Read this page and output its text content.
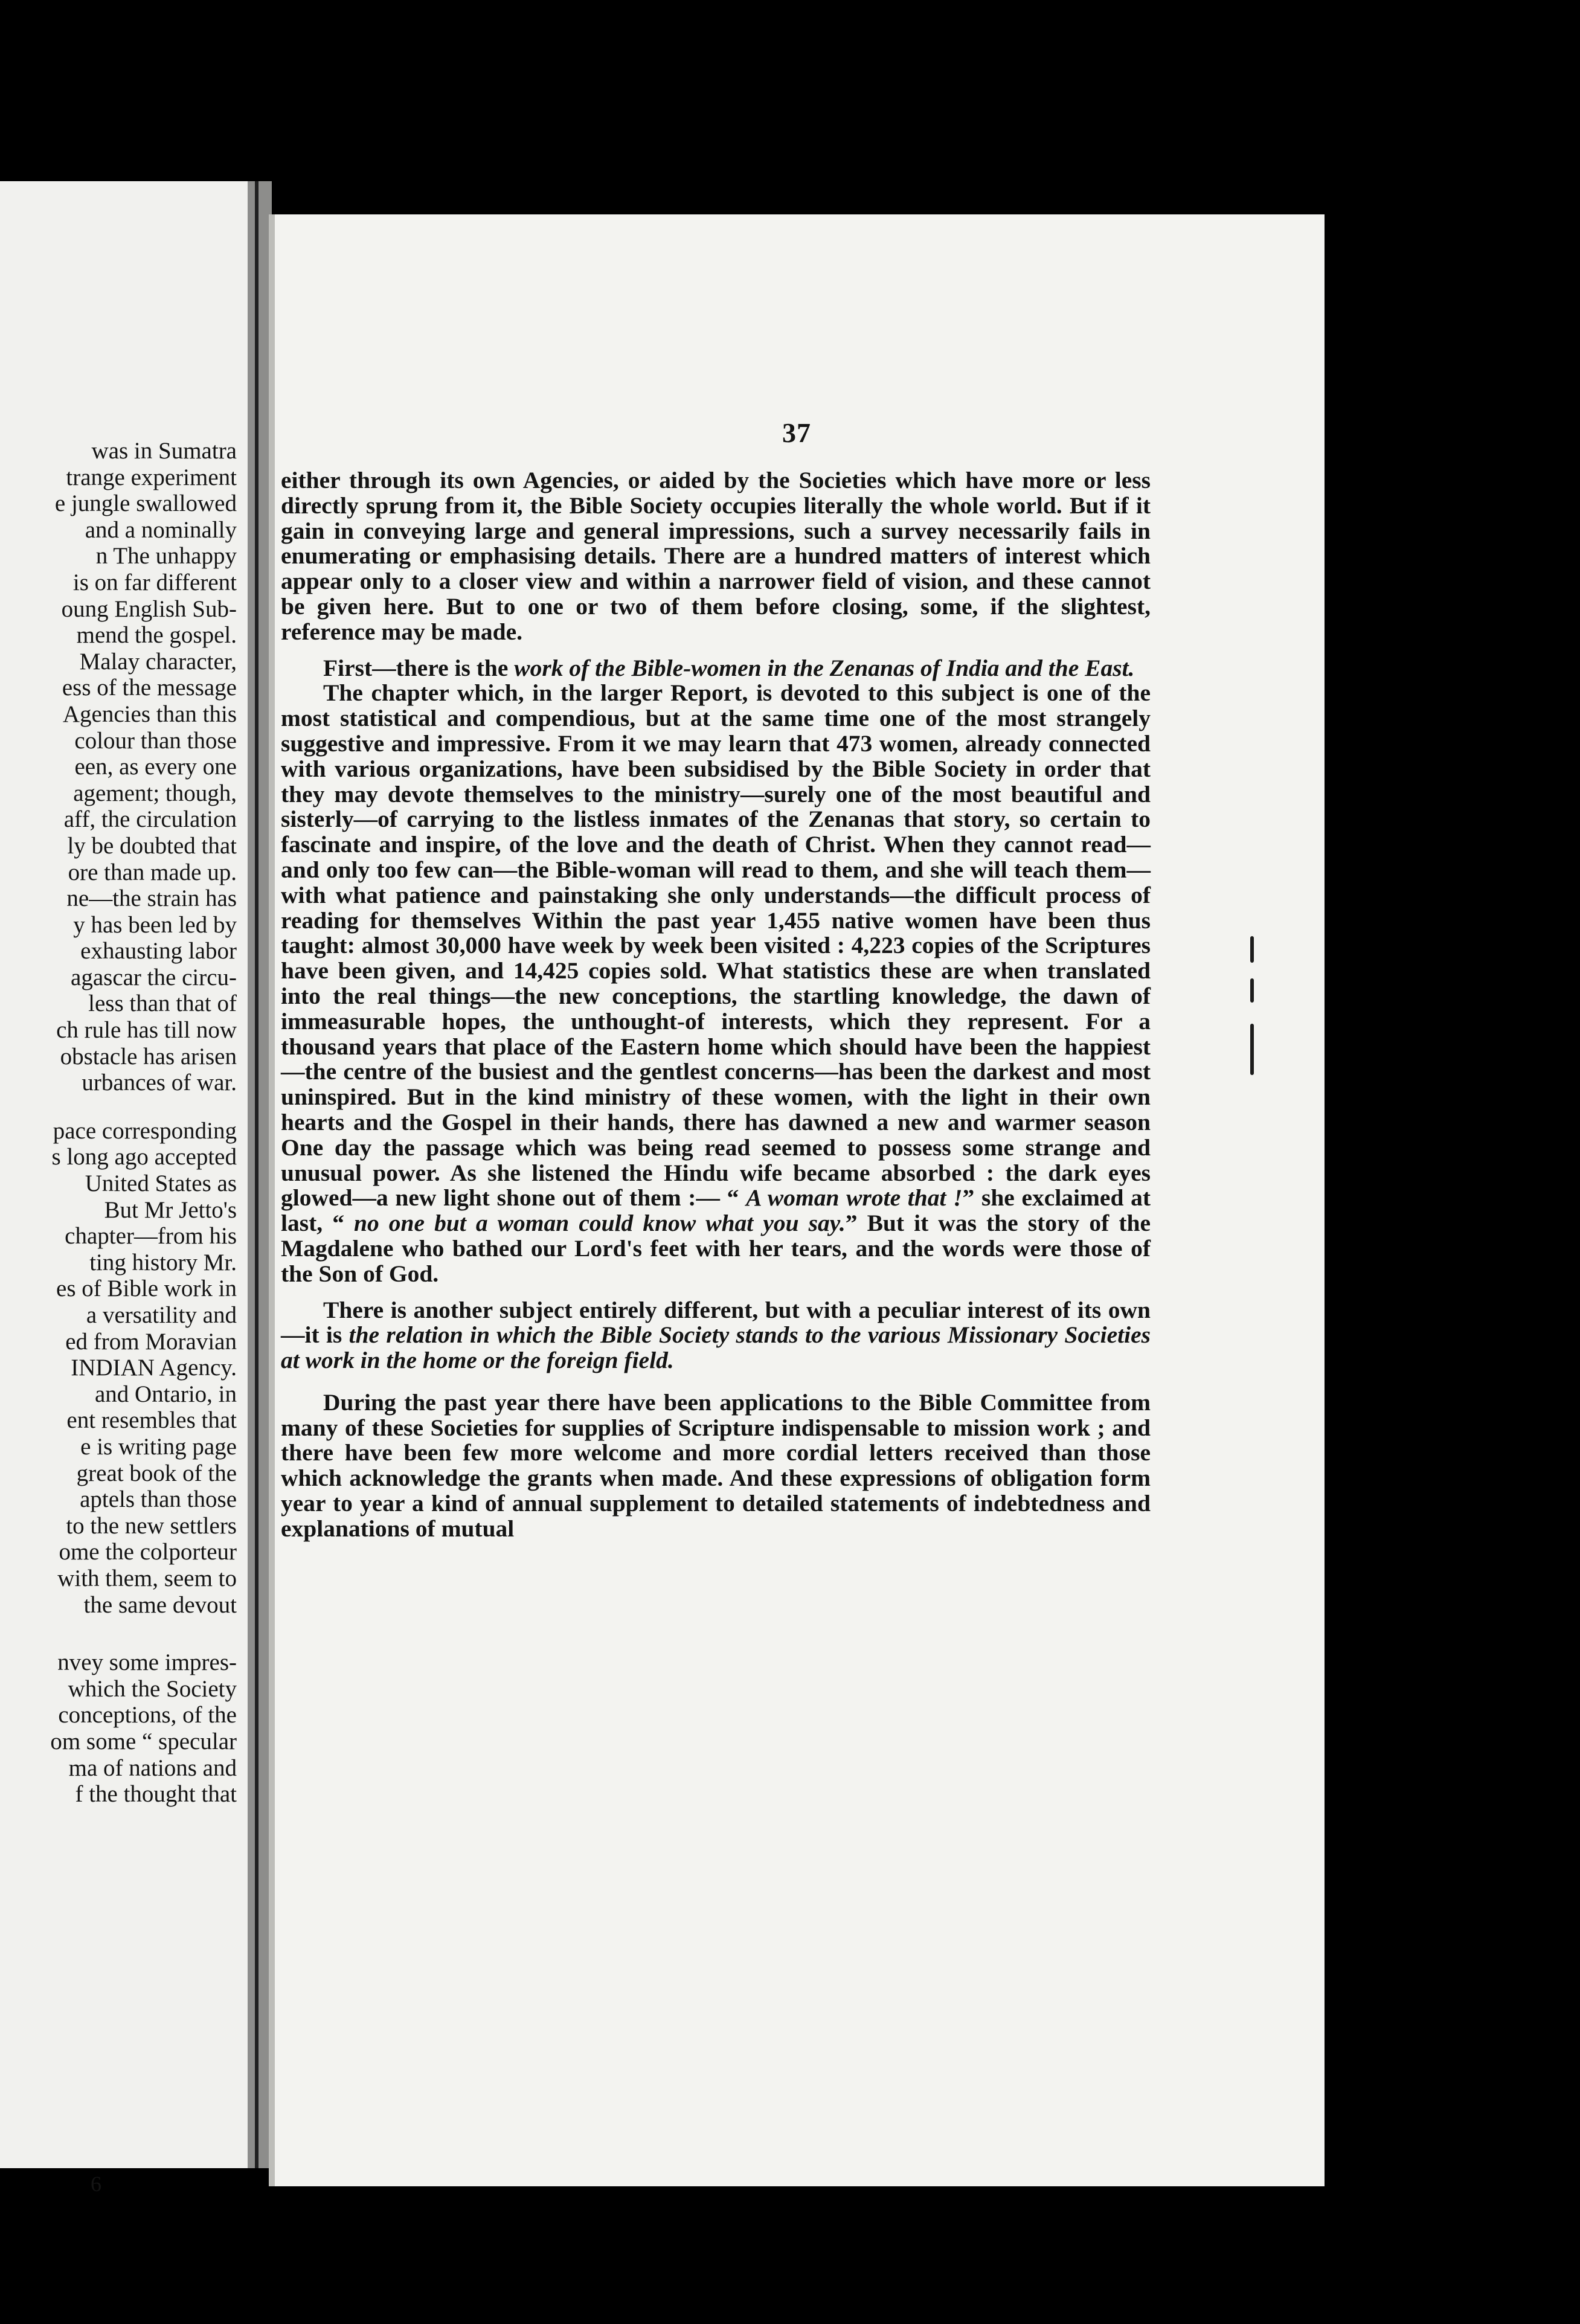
was in Sumatra
trange experiment
e jungle swallowed
and a nominally
n The unhappy
is on far different
oung English Sub-
mend the gospel.
Malay character,
ess of the message
Agencies than this
colour than those
een, as every one
agement; though,
aff, the circulation
ly be doubted that
ore than made up.
ne—the strain has
y has been led by
exhausting labor
agascar the circu-
less than that of
ch rule has till now
obstacle has arisen
urbances of war.
pace corresponding
s long ago accepted
United States as
But Mr Jetto's
chapter—from his
ting history Mr.
es of Bible work in
a versatility and
ed from Moravian
INDIAN Agency.
and Ontario, in
ent resembles that
e is writing page
great book of the
aptels than those
to the new settlers
ome the colporteur
with them, seem to
the same devout
nvey some impres-
which the Society
conceptions, of the
om some “ specular
ma of nations and
f the thought that
6
37

either through its own Agencies, or aided by the Societies which have more or less directly sprung from it, the Bible Society occupies literally the whole world. But if it gain in conveying large and general impressions, such a survey necessarily fails in enumerating or emphasising details. There are a hundred matters of interest which appear only to a closer view and within a narrower field of vision, and these cannot be given here. But to one or two of them before closing, some, if the slightest, reference may be made.

First—there is the work of the Bible-women in the Zenanas of India and the East.

The chapter which, in the larger Report, is devoted to this subject is one of the most statistical and compendious, but at the same time one of the most strangely suggestive and impressive. From it we may learn that 473 women, already connected with various organizations, have been subsidised by the Bible Society in order that they may devote themselves to the ministry—surely one of the most beautiful and sisterly—of carrying to the listless inmates of the Zenanas that story, so certain to fascinate and inspire, of the love and the death of Christ. When they cannot read—and only too few can—the Bible-woman will read to them, and she will teach them—with what patience and painstaking she only understands—the difficult process of reading for themselves Within the past year 1,455 native women have been thus taught: almost 30,000 have week by week been visited : 4,223 copies of the Scriptures have been given, and 14,425 copies sold. What statistics these are when translated into the real things—the new conceptions, the startling knowledge, the dawn of immeasurable hopes, the unthought-of interests, which they represent. For a thousand years that place of the Eastern home which should have been the happiest—the centre of the busiest and the gentlest concerns—has been the darkest and most uninspired. But in the kind ministry of these women, with the light in their own hearts and the Gospel in their hands, there has dawned a new and warmer season One day the passage which was being read seemed to possess some strange and unusual power. As she listened the Hindu wife became absorbed : the dark eyes glowed—a new light shone out of them :— “ A woman wrote that !” she exclaimed at last, “ no one but a woman could know what you say.” But it was the story of the Magdalene who bathed our Lord's feet with her tears, and the words were those of the Son of God.

There is another subject entirely different, but with a peculiar interest of its own—it is the relation in which the Bible Society stands to the various Missionary Societies at work in the home or the foreign field.

During the past year there have been applications to the Bible Committee from many of these Societies for supplies of Scripture indispensable to mission work ; and there have been few more welcome and more cordial letters received than those which acknowledge the grants when made. And these expressions of obligation form year to year a kind of annual supplement to detailed statements of indebtedness and explanations of mutual
